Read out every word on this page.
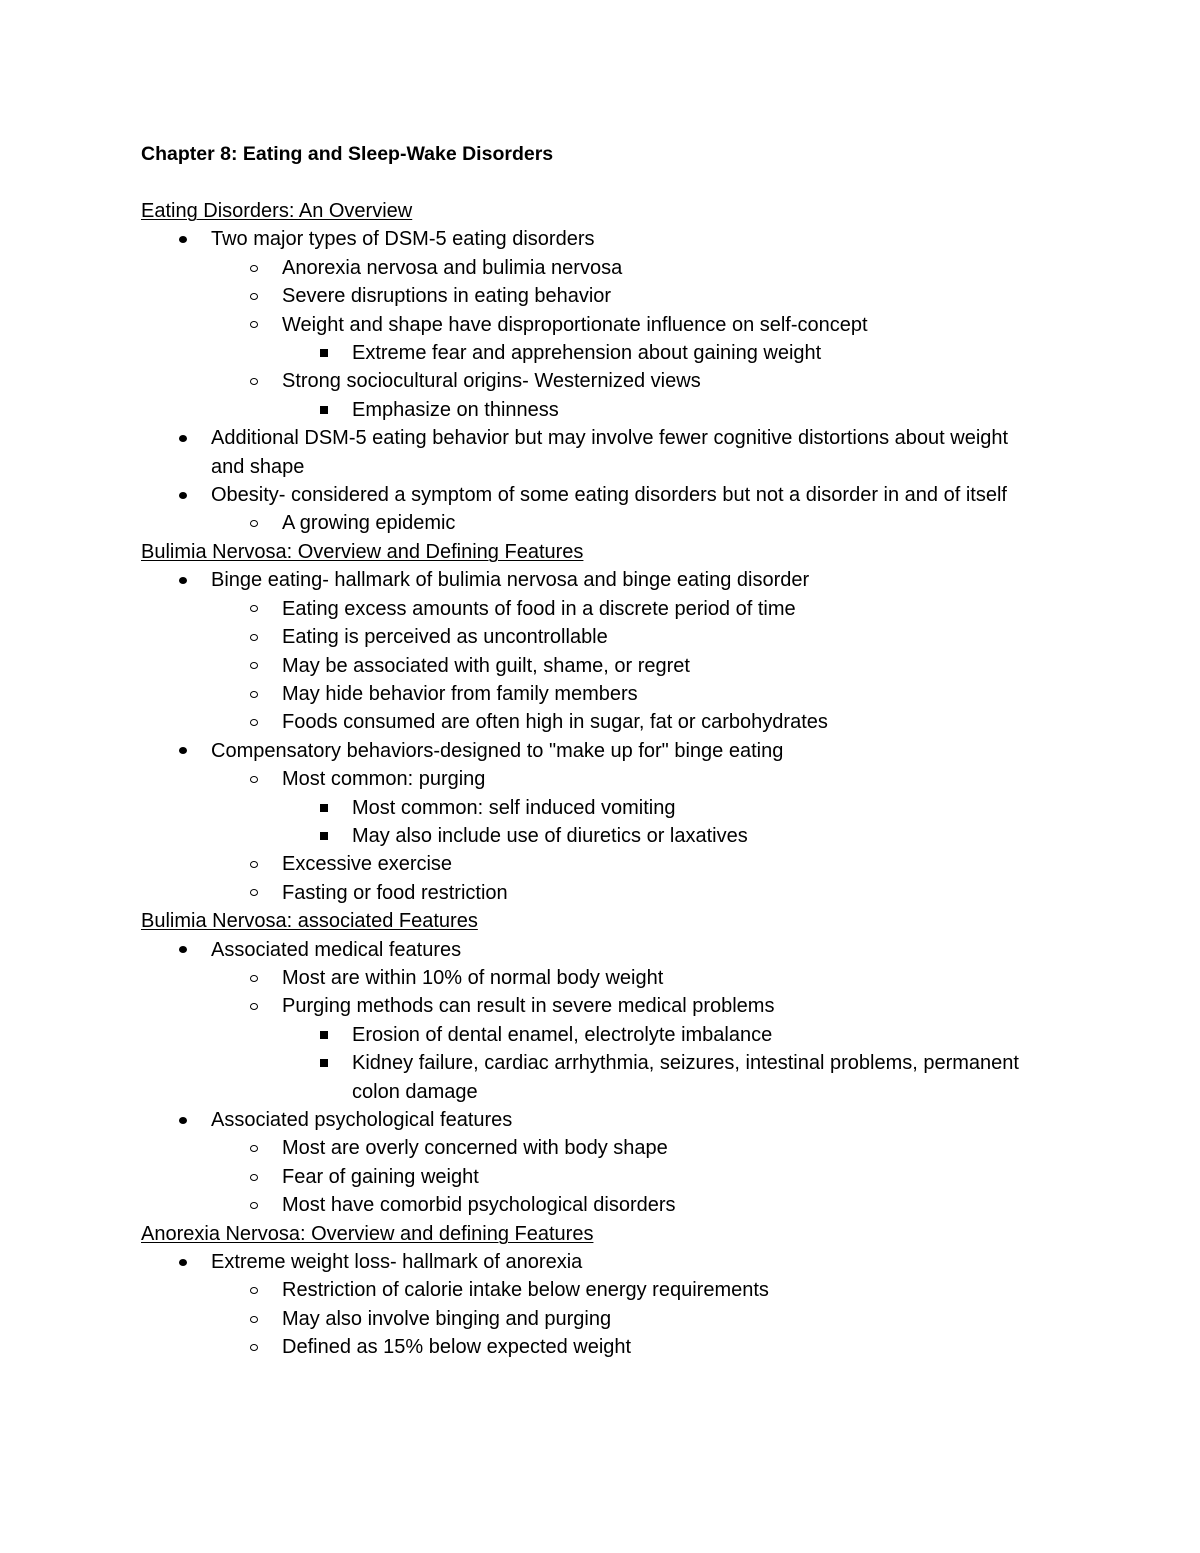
Chapter 8: Eating and Sleep-Wake Disorders
Eating Disorders: An Overview
Two major types of DSM-5 eating disorders
Anorexia nervosa and bulimia nervosa
Severe disruptions in eating behavior
Weight and shape have disproportionate influence on self-concept
Extreme fear and apprehension about gaining weight
Strong sociocultural origins- Westernized views
Emphasize on thinness
Additional DSM-5 eating behavior but may involve fewer cognitive distortions about weight and shape
Obesity- considered a symptom of some eating disorders but not a disorder in and of itself
A growing epidemic
Bulimia Nervosa: Overview and Defining Features
Binge eating- hallmark of bulimia nervosa and binge eating disorder
Eating excess amounts of food in a discrete period of time
Eating is perceived as uncontrollable
May be associated with guilt, shame, or regret
May hide behavior from family members
Foods consumed are often high in sugar, fat or carbohydrates
Compensatory behaviors-designed to "make up for" binge eating
Most common: purging
Most common: self induced vomiting
May also include use of diuretics or laxatives
Excessive exercise
Fasting or food restriction
Bulimia Nervosa: associated Features
Associated medical features
Most are within 10% of normal body weight
Purging methods can result in severe medical problems
Erosion of dental enamel, electrolyte imbalance
Kidney failure, cardiac arrhythmia, seizures, intestinal problems, permanent colon damage
Associated psychological features
Most are overly concerned with body shape
Fear of gaining weight
Most have comorbid psychological disorders
Anorexia Nervosa: Overview and defining Features
Extreme weight loss- hallmark of anorexia
Restriction of calorie intake below energy requirements
May also involve binging and purging
Defined as 15% below expected weight
